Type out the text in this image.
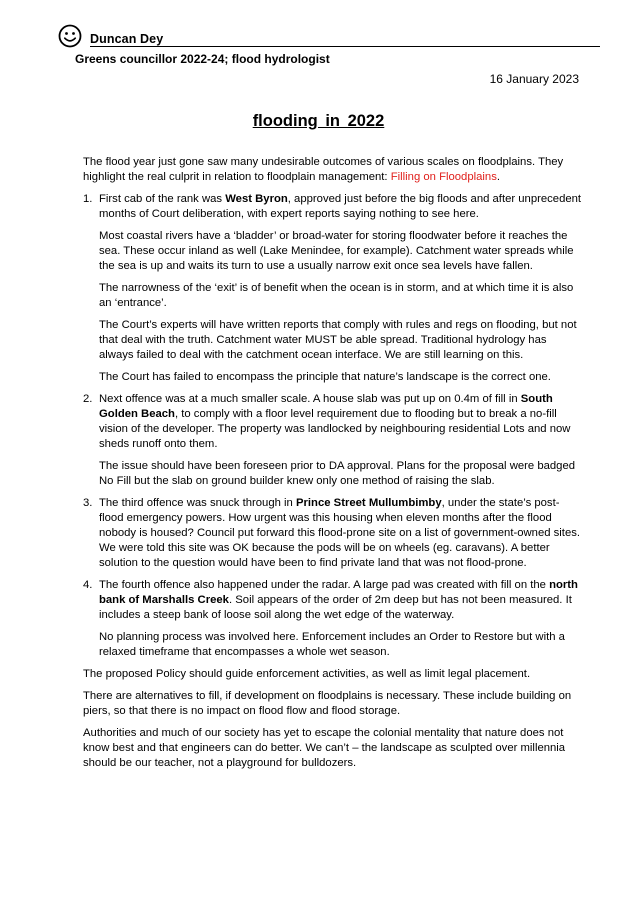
Duncan Dey
Greens councillor 2022-24; flood hydrologist
16 January 2023
flooding in 2022

The flood year just gone saw many undesirable outcomes of various scales on floodplains. They highlight the real culprit in relation to floodplain management: Filling on Floodplains.

1. First cab of the rank was West Byron, approved just before the big floods and after unprecedent months of Court deliberation, with expert reports saying nothing to see here.

Most coastal rivers have a ‘bladder’ or broad-water for storing floodwater before it reaches the sea. These occur inland as well (Lake Menindee, for example). Catchment water spreads while the sea is up and waits its turn to use a usually narrow exit once sea levels have fallen.

The narrowness of the ‘exit’ is of benefit when the ocean is in storm, and at which time it is also an ‘entrance’.

The Court’s experts will have written reports that comply with rules and regs on flooding, but not that deal with the truth. Catchment water MUST be able spread. Traditional hydrology has always failed to deal with the catchment ocean interface. We are still learning on this.

The Court has failed to encompass the principle that nature’s landscape is the correct one.

2. Next offence was at a much smaller scale. A house slab was put up on 0.4m of fill in South Golden Beach, to comply with a floor level requirement due to flooding but to break a no-fill vision of the developer. The property was landlocked by neighbouring residential Lots and now sheds runoff onto them.

The issue should have been foreseen prior to DA approval. Plans for the proposal were badged No Fill but the slab on ground builder knew only one method of raising the slab.

3. The third offence was snuck through in Prince Street Mullumbimby, under the state’s post-flood emergency powers. How urgent was this housing when eleven months after the flood nobody is housed? Council put forward this flood-prone site on a list of government-owned sites. We were told this site was OK because the pods will be on wheels (eg. caravans). A better solution to the question would have been to find private land that was not flood-prone.

4. The fourth offence also happened under the radar. A large pad was created with fill on the north bank of Marshalls Creek. Soil appears of the order of 2m deep but has not been measured. It includes a steep bank of loose soil along the wet edge of the waterway.

No planning process was involved here. Enforcement includes an Order to Restore but with a relaxed timeframe that encompasses a whole wet season.

The proposed Policy should guide enforcement activities, as well as limit legal placement.

There are alternatives to fill, if development on floodplains is necessary. These include building on piers, so that there is no impact on flood flow and flood storage.

Authorities and much of our society has yet to escape the colonial mentality that nature does not know best and that engineers can do better. We can’t – the landscape as sculpted over millennia should be our teacher, not a playground for bulldozers.
